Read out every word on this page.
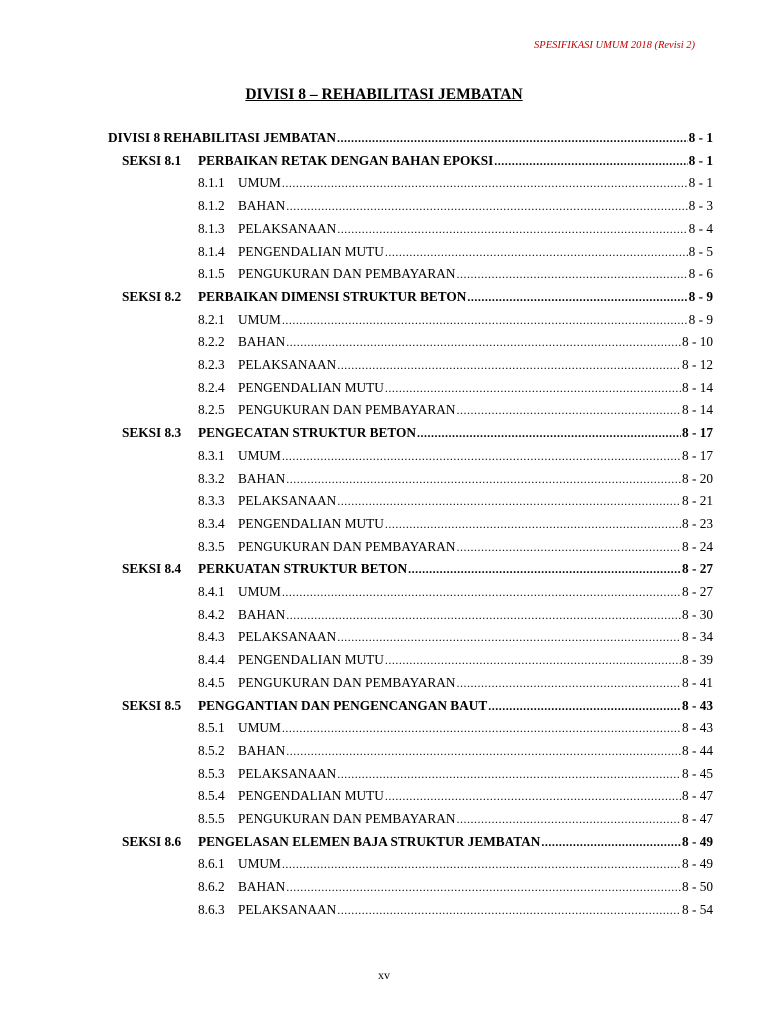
SPESIFIKASI UMUM 2018 (Revisi 2)
DIVISI 8 – REHABILITASI JEMBATAN
DIVISI 8 REHABILITASI JEMBATAN .....	8 - 1
SEKSI 8.1	PERBAIKAN RETAK DENGAN BAHAN EPOKSI .....	8 - 1
8.1.1	UMUM .....	8 - 1
8.1.2	BAHAN .....	8 - 3
8.1.3	PELAKSANAAN .....	8 - 4
8.1.4	PENGENDALIAN MUTU .....	8 - 5
8.1.5	PENGUKURAN DAN PEMBAYARAN .....	8 - 6
SEKSI 8.2	PERBAIKAN DIMENSI STRUKTUR BETON .....	8 - 9
8.2.1	UMUM .....	8 - 9
8.2.2	BAHAN .....	8 - 10
8.2.3	PELAKSANAAN .....	8 - 12
8.2.4	PENGENDALIAN MUTU .....	8 - 14
8.2.5	PENGUKURAN DAN PEMBAYARAN .....	8 - 14
SEKSI 8.3	PENGECATAN STRUKTUR BETON .....	8 - 17
8.3.1	UMUM .....	8 - 17
8.3.2	BAHAN .....	8 - 20
8.3.3	PELAKSANAAN .....	8 - 21
8.3.4	PENGENDALIAN MUTU .....	8 - 23
8.3.5	PENGUKURAN DAN PEMBAYARAN .....	8 - 24
SEKSI 8.4	PERKUATAN STRUKTUR BETON .....	8 - 27
8.4.1	UMUM .....	8 - 27
8.4.2	BAHAN .....	8 - 30
8.4.3	PELAKSANAAN .....	8 - 34
8.4.4	PENGENDALIAN MUTU .....	8 - 39
8.4.5	PENGUKURAN DAN PEMBAYARAN .....	8 - 41
SEKSI 8.5	PENGGANTIAN DAN PENGENCANGAN BAUT .....	8 - 43
8.5.1	UMUM .....	8 - 43
8.5.2	BAHAN .....	8 - 44
8.5.3	PELAKSANAAN .....	8 - 45
8.5.4	PENGENDALIAN MUTU .....	8 - 47
8.5.5	PENGUKURAN DAN PEMBAYARAN .....	8 - 47
SEKSI 8.6	PENGELASAN ELEMEN BAJA STRUKTUR JEMBATAN .....	8 - 49
8.6.1	UMUM .....	8 - 49
8.6.2	BAHAN .....	8 - 50
8.6.3	PELAKSANAAN .....	8 - 54
xv
